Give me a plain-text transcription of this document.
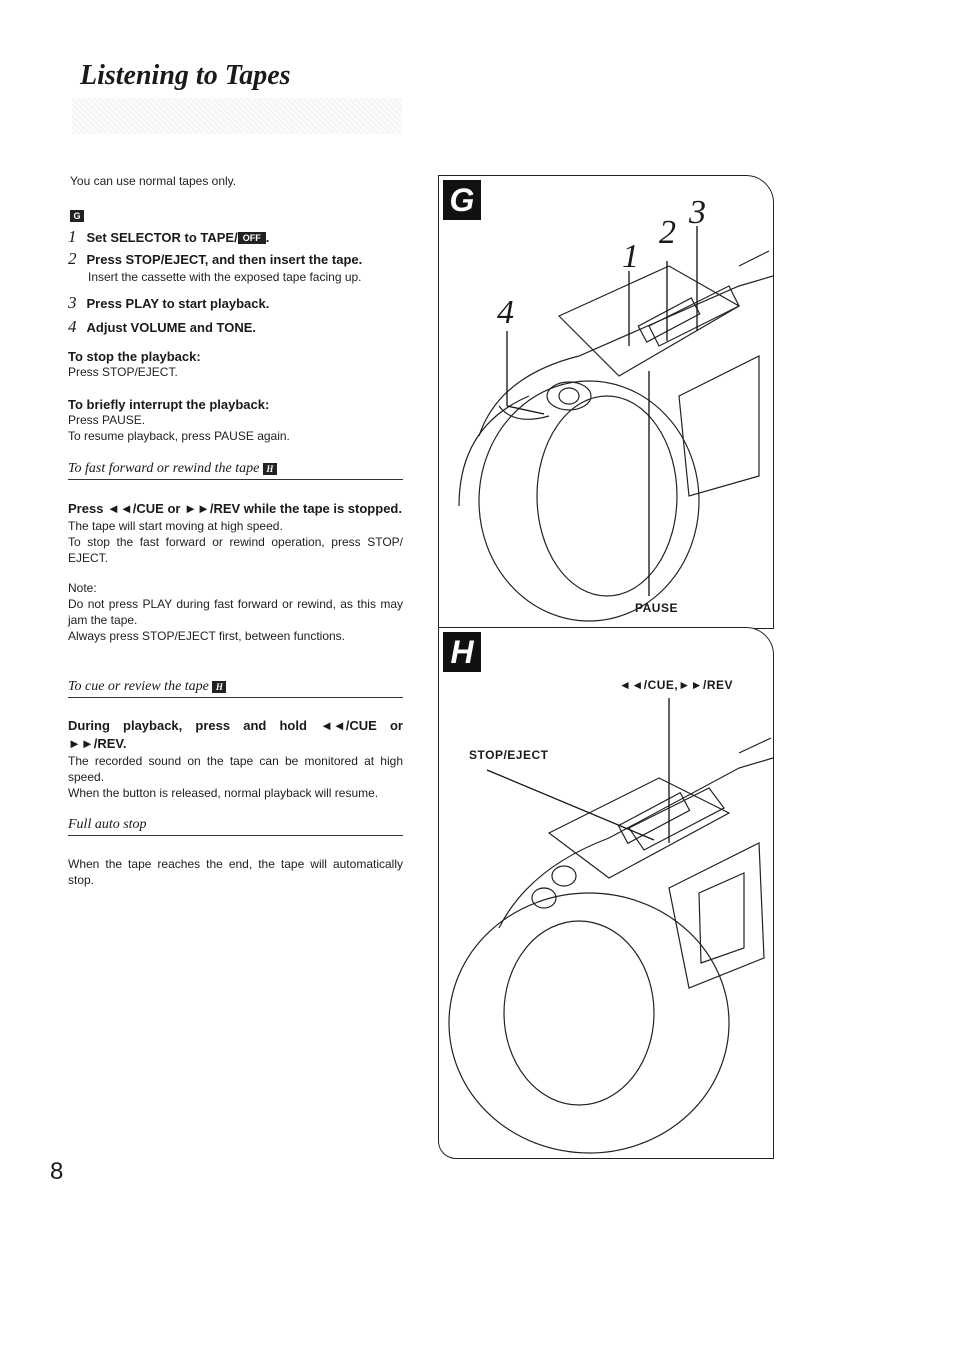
Listening to Tapes
You can use normal tapes only.
G
1 Set SELECTOR to TAPE/ OFF .
2 Press STOP/EJECT, and then insert the tape.
Insert the cassette with the exposed tape facing up.
3 Press PLAY to start playback.
4 Adjust VOLUME and TONE.
To stop the playback:
Press STOP/EJECT.
To briefly interrupt the playback:
Press PAUSE.
To resume playback, press PAUSE again.
To fast forward or rewind the tape H
Press ◄◄/CUE or ►►/REV while the tape is stopped.
The tape will start moving at high speed.
To stop the fast forward or rewind operation, press STOP/ EJECT.
Note:
Do not press PLAY during fast forward or rewind, as this may jam the tape.
Always press STOP/EJECT first, between functions.
To cue or review the tape H
During playback, press and hold ◄◄/CUE or ►►/REV.
The recorded sound on the tape can be monitored at high speed.
When the button is released, normal playback will resume.
Full auto stop
When the tape reaches the end, the tape will automatically stop.
8
G
1
2
3
4
PAUSE
H
◄◄/CUE,►►/REV
STOP/EJECT
